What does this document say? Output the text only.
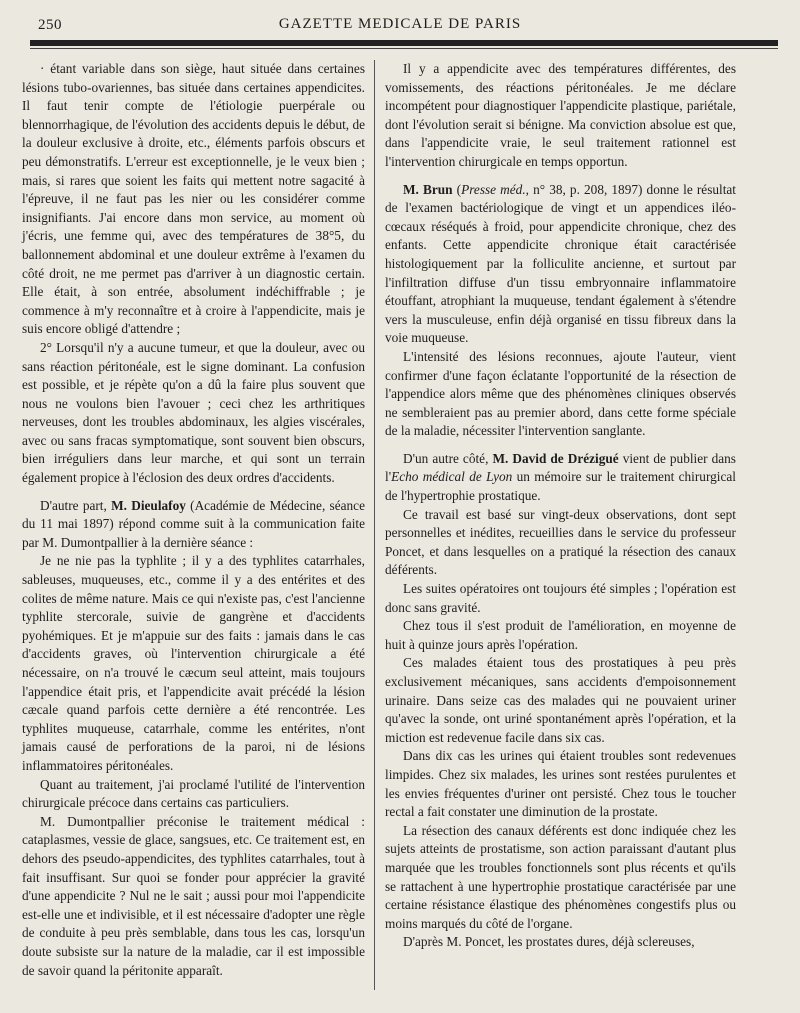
250	GAZETTE MEDICALE DE PARIS

· étant variable dans son siège, haut située dans certaines lésions tubo-ovariennes, bas située dans certaines appendicites. Il faut tenir compte de l'étiologie puerpérale ou blennorrhagique, de l'évolution des accidents depuis le début, de la douleur exclusive à droite, etc., éléments parfois obscurs et peu démonstratifs. L'erreur est exceptionnelle, je le veux bien ; mais, si rares que soient les faits qui mettent notre sagacité à l'épreuve, il ne faut pas les nier ou les considérer comme insignifiants. J'ai encore dans mon service, au moment où j'écris, une femme qui, avec des températures de 38°5, du ballonnement abdominal et une douleur extrême à l'examen du côté droit, ne me permet pas d'arriver à un diagnostic certain. Elle était, à son entrée, absolument indéchiffrable ; je commence à m'y reconnaître et à croire à l'appendicite, mais je suis encore obligé d'attendre ;

2° Lorsqu'il n'y a aucune tumeur, et que la douleur, avec ou sans réaction péritonéale, est le signe dominant. La confusion est possible, et je répète qu'on a dû la faire plus souvent que nous ne voulons bien l'avouer ; ceci chez les arthritiques nerveuses, dont les troubles abdominaux, les algies viscérales, avec ou sans fracas symptomatique, sont souvent bien obscurs, bien irréguliers dans leur marche, et qui sont un terrain également propice à l'éclosion des deux ordres d'accidents.

D'autre part, M. Dieulafoy (Académie de Médecine, séance du 11 mai 1897) répond comme suit à la communication faite par M. Dumontpallier à la dernière séance :

Je ne nie pas la typhlite ; il y a des typhlites catarrhales, sableuses, muqueuses, etc., comme il y a des entérites et des colites de même nature. Mais ce qui n'existe pas, c'est l'ancienne typhlite stercorale, suivie de gangrène et d'accidents pyohémiques. Et je m'appuie sur des faits : jamais dans le cas d'accidents graves, où l'intervention chirurgicale a été nécessaire, on n'a trouvé le cæcum seul atteint, mais toujours l'appendice était pris, et l'appendicite avait précédé la lésion cæcale quand parfois cette dernière a été rencontrée. Les typhlites muqueuse, catarrhale, comme les entérites, n'ont jamais causé de perforations de la paroi, ni de lésions inflammatoires péritonéales.

Quant au traitement, j'ai proclamé l'utilité de l'intervention chirurgicale précoce dans certains cas particuliers.

M. Dumontpallier préconise le traitement médical : cataplasmes, vessie de glace, sangsues, etc. Ce traitement est, en dehors des pseudo-appendicites, des typhlites catarrhales, tout à fait insuffisant. Sur quoi se fonder pour apprécier la gravité d'une appendicite ? Nul ne le sait ; aussi pour moi l'appendicite est-elle une et indivisible, et il est nécessaire d'adopter une règle de conduite à peu près semblable, dans tous les cas, lorsqu'un doute subsiste sur la nature de la maladie, car il est impossible de savoir quand la péritonite apparaît.

Il y a appendicite avec des températures différentes, des vomissements, des réactions péritonéales. Je me déclare incompétent pour diagnostiquer l'appendicite plastique, pariétale, dont l'évolution serait si bénigne. Ma conviction absolue est que, dans l'appendicite vraie, le seul traitement rationnel est l'intervention chirurgicale en temps opportun.

M. Brun (Presse méd., n° 38, p. 208, 1897) donne le résultat de l'examen bactériologique de vingt et un appendices iléo-cœcaux réséqués à froid, pour appendicite chronique, chez des enfants. Cette appendicite chronique était caractérisée histologiquement par la folliculite ancienne, et surtout par l'infiltration diffuse d'un tissu embryonnaire inflammatoire étouffant, atrophiant la muqueuse, tendant également à s'étendre vers la musculeuse, enfin déjà organisé en tissu fibreux dans la voie muqueuse.

L'intensité des lésions reconnues, ajoute l'auteur, vient confirmer d'une façon éclatante l'opportunité de la résection de l'appendice alors même que des phénomènes cliniques observés ne sembleraient pas au premier abord, dans cette forme spéciale de la maladie, nécessiter l'intervention sanglante.

D'un autre côté, M. David de Drézigué vient de publier dans l'Echo médical de Lyon un mémoire sur le traitement chirurgical de l'hypertrophie prostatique.

Ce travail est basé sur vingt-deux observations, dont sept personnelles et inédites, recueillies dans le service du professeur Poncet, et dans lesquelles on a pratiqué la résection des canaux déférents.

Les suites opératoires ont toujours été simples ; l'opération est donc sans gravité.

Chez tous il s'est produit de l'amélioration, en moyenne de huit à quinze jours après l'opération.

Ces malades étaient tous des prostatiques à peu près exclusivement mécaniques, sans accidents d'empoisonnement urinaire. Dans seize cas des malades qui ne pouvaient uriner qu'avec la sonde, ont uriné spontanément après l'opération, et la miction est redevenue facile dans six cas.

Dans dix cas les urines qui étaient troubles sont redevenues limpides. Chez six malades, les urines sont restées purulentes et les envies fréquentes d'uriner ont persisté. Chez tous le toucher rectal a fait constater une diminution de la prostate.

La résection des canaux déférents est donc indiquée chez les sujets atteints de prostatisme, son action paraissant d'autant plus marquée que les troubles fonctionnels sont plus récents et qu'ils se rattachent à une hypertrophie prostatique caractérisée par une certaine résistance élastique des phénomènes congestifs plus ou moins marqués du côté de l'organe.

D'après M. Poncet, les prostates dures, déjà sclereuses,
